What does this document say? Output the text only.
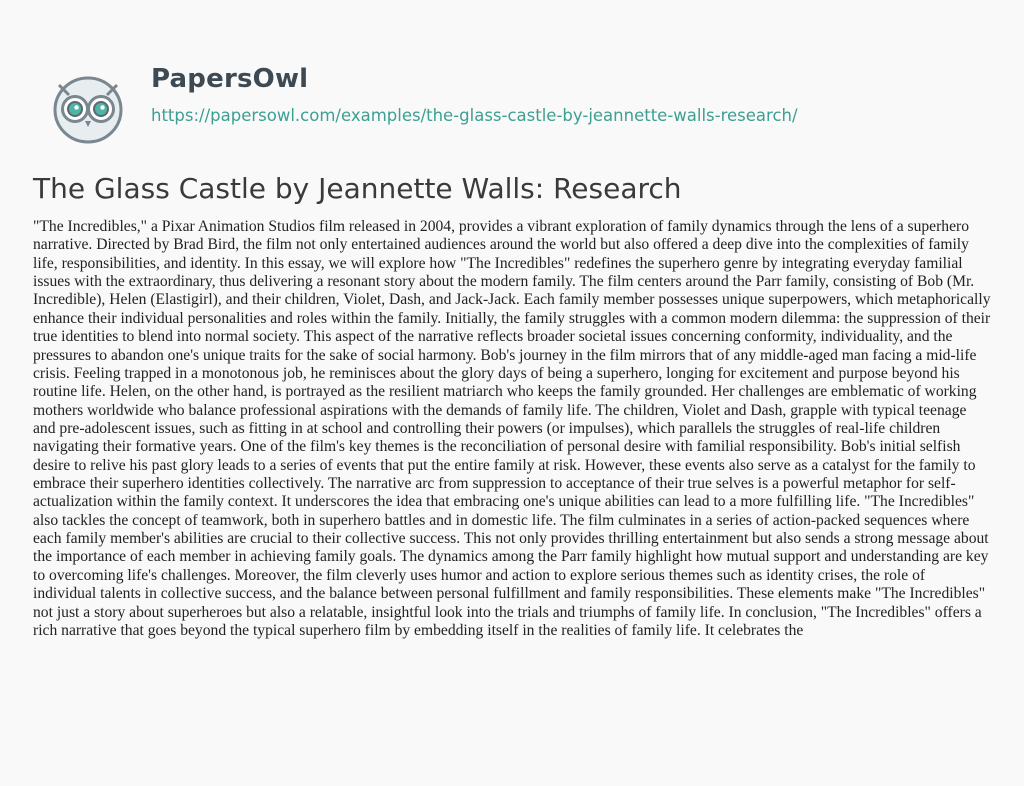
PapersOwl
https://papersowl.com/examples/the-glass-castle-by-jeannette-walls-research/
The Glass Castle by Jeannette Walls: Research

"The Incredibles," a Pixar Animation Studios film released in 2004, provides a vibrant exploration of family dynamics through the lens of a superhero narrative. Directed by Brad Bird, the film not only entertained audiences around the world but also offered a deep dive into the complexities of family life, responsibilities, and identity. In this essay, we will explore how "The Incredibles" redefines the superhero genre by integrating everyday familial issues with the extraordinary, thus delivering a resonant story about the modern family. The film centers around the Parr family, consisting of Bob (Mr. Incredible), Helen (Elastigirl), and their children, Violet, Dash, and Jack-Jack. Each family member possesses unique superpowers, which metaphorically enhance their individual personalities and roles within the family. Initially, the family struggles with a common modern dilemma: the suppression of their true identities to blend into normal society. This aspect of the narrative reflects broader societal issues concerning conformity, individuality, and the pressures to abandon one's unique traits for the sake of social harmony. Bob's journey in the film mirrors that of any middle-aged man facing a mid-life crisis. Feeling trapped in a monotonous job, he reminisces about the glory days of being a superhero, longing for excitement and purpose beyond his routine life. Helen, on the other hand, is portrayed as the resilient matriarch who keeps the family grounded. Her challenges are emblematic of working mothers worldwide who balance professional aspirations with the demands of family life. The children, Violet and Dash, grapple with typical teenage and pre-adolescent issues, such as fitting in at school and controlling their powers (or impulses), which parallels the struggles of real-life children navigating their formative years. One of the film's key themes is the reconciliation of personal desire with familial responsibility. Bob's initial selfish desire to relive his past glory leads to a series of events that put the entire family at risk. However, these events also serve as a catalyst for the family to embrace their superhero identities collectively. The narrative arc from suppression to acceptance of their true selves is a powerful metaphor for self-actualization within the family context. It underscores the idea that embracing one's unique abilities can lead to a more fulfilling life. "The Incredibles" also tackles the concept of teamwork, both in superhero battles and in domestic life. The film culminates in a series of action-packed sequences where each family member's abilities are crucial to their collective success. This not only provides thrilling entertainment but also sends a strong message about the importance of each member in achieving family goals. The dynamics among the Parr family highlight how mutual support and understanding are key to overcoming life's challenges. Moreover, the film cleverly uses humor and action to explore serious themes such as identity crises, the role of individual talents in collective success, and the balance between personal fulfillment and family responsibilities. These elements make "The Incredibles" not just a story about superheroes but also a relatable, insightful look into the trials and triumphs of family life. In conclusion, "The Incredibles" offers a rich narrative that goes beyond the typical superhero film by embedding itself in the realities of family life. It celebrates the
